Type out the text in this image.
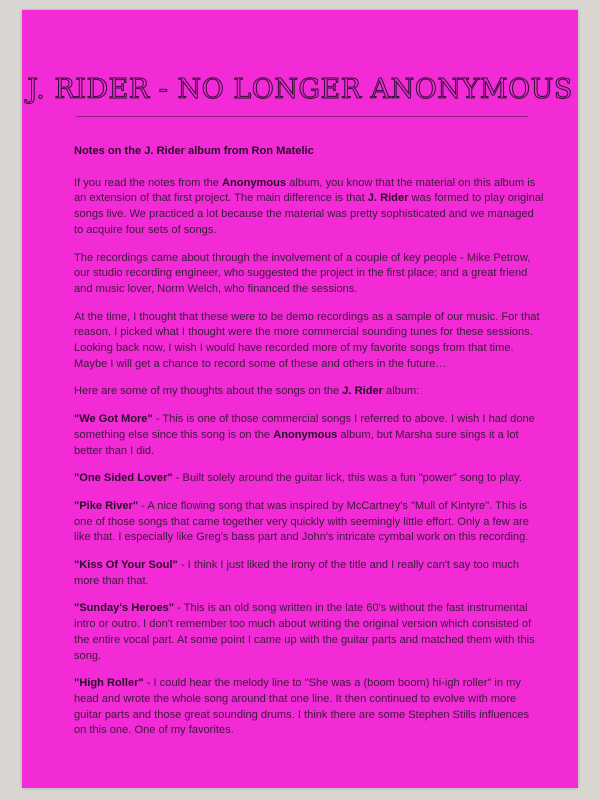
J. RIDER - NO LONGER ANONYMOUS

Notes on the J. Rider album from Ron Matelic

If you read the notes from the Anonymous album, you know that the material on this album is an extension of that first project. The main difference is that J. Rider was formed to play original songs live. We practiced a lot because the material was pretty sophisticated and we managed to acquire four sets of songs.

The recordings came about through the involvement of a couple of key people - Mike Petrow, our studio recording engineer, who suggested the project in the first place; and a great friend and music lover, Norm Welch, who financed the sessions.

At the time, I thought that these were to be demo recordings as a sample of our music. For that reason, I picked what I thought were the more commercial sounding tunes for these sessions. Looking back now, I wish I would have recorded more of my favorite songs from that time. Maybe I will get a chance to record some of these and others in the future…

Here are some of my thoughts about the songs on the J. Rider album:

"We Got More" - This is one of those commercial songs I referred to above. I wish I had done something else since this song is on the Anonymous album, but Marsha sure sings it a lot better than I did.

"One Sided Lover" - Built solely around the guitar lick, this was a fun "power" song to play.

"Pike River" - A nice flowing song that was inspired by McCartney's "Mull of Kintyre". This is one of those songs that came together very quickly with seemingly little effort. Only a few are like that. I especially like Greg's bass part and John's intricate cymbal work on this recording.

"Kiss Of Your Soul" - I think I just liked the irony of the title and I really can't say too much more than that.

"Sunday's Heroes" - This is an old song written in the late 60's without the fast instrumental intro or outro. I don't remember too much about writing the original version which consisted of the entire vocal part. At some point I came up with the guitar parts and matched them with this song.

"High Roller" - I could hear the melody line to "She was a (boom boom) hi-igh roller" in my head and wrote the whole song around that one line. It then continued to evolve with more guitar parts and those great sounding drums. I think there are some Stephen Stills influences on this one. One of my favorites.
